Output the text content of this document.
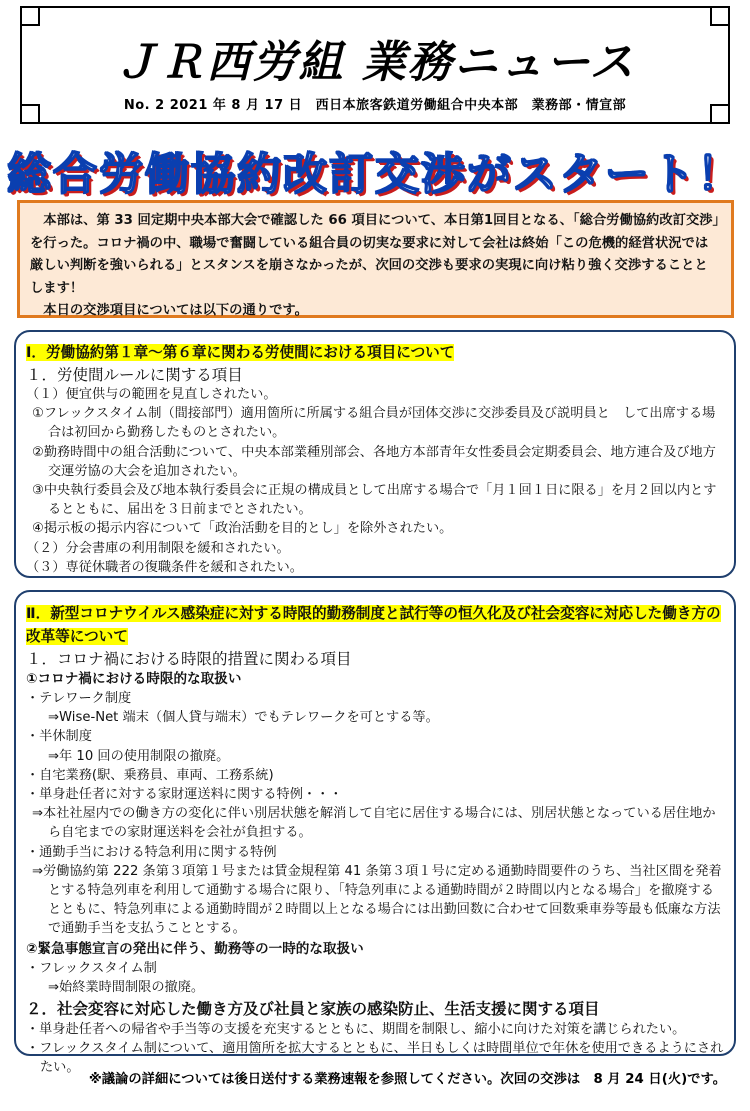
ＪＲ西労組 業務ニュース
No. 2 2021 年 8 月 17 日　西日本旅客鉄道労働組合中央本部　業務部・情宣部
総合労働協約改訂交渉がスタート！

本部は、第 33 回定期中央本部大会で確認した 66 項目について、本日第1回目となる、「総合労働協約改訂交渉」を行った。コロナ禍の中、職場で奮闘している組合員の切実な要求に対して会社は終始「この危機的経営状況では厳しい判断を強いられる」とスタンスを崩さなかったが、次回の交渉も要求の実現に向け粘り強く交渉することとします！

本日の交渉項目については以下の通りです。

Ⅰ．労働協約第１章～第６章に関わる労使間における項目について

１．労使間ルールに関する項目

（１）便宜供与の範囲を見直しされたい。

①フレックスタイム制（間接部門）適用箇所に所属する組合員が団体交渉に交渉委員及び説明員と　して出席する場合は初回から勤務したものとされたい。

②勤務時間中の組合活動について、中央本部業種別部会、各地方本部青年女性委員会定期委員会、地方連合及び地方交運労協の大会を追加されたい。

③中央執行委員会及び地本執行委員会に正規の構成員として出席する場合で「月１回１日に限る」を月２回以内とするとともに、届出を３日前までとされたい。

④掲示板の掲示内容について「政治活動を目的とし」を除外されたい。

（２）分会書庫の利用制限を緩和されたい。

（３）専従休職者の復職条件を緩和されたい。

Ⅱ．新型コロナウイルス感染症に対する時限的勤務制度と試行等の恒久化及び社会変容に対応した働き方の改革等について

１．コロナ禍における時限的措置に関わる項目

①コロナ禍における時限的な取扱い

・テレワーク制度

⇒Wise-Net 端末（個人貸与端末）でもテレワークを可とする等。

・半休制度

⇒年 10 回の使用制限の撤廃。

・自宅業務(駅、乗務員、車両、工務系統)

・単身赴任者に対する家財運送料に関する特例・・・

⇒本社社屋内での働き方の変化に伴い別居状態を解消して自宅に居住する場合には、別居状態となっている居住地から自宅までの家財運送料を会社が負担する。

・通勤手当における特急利用に関する特例

⇒労働協約第 222 条第３項第１号または賃金規程第 41 条第３項１号に定める通勤時間要件のうち、当社区間を発着とする特急列車を利用して通勤する場合に限り、「特急列車による通勤時間が２時間以内となる場合」を撤廃するとともに、特急列車による通勤時間が２時間以上となる場合には出勤回数に合わせて回数乗車券等最も低廉な方法で通勤手当を支払うこととする。

②緊急事態宣言の発出に伴う、勤務等の一時的な取扱い

・フレックスタイム制

⇒始終業時間制限の撤廃。

２．社会変容に対応した働き方及び社員と家族の感染防止、生活支援に関する項目

・単身赴任者への帰省や手当等の支援を充実するとともに、期間を制限し、縮小に向けた対策を講じられたい。

・フレックスタイム制について、適用箇所を拡大するとともに、半日もしくは時間単位で年休を使用できるようにされたい。

※議論の詳細については後日送付する業務速報を参照してください。次回の交渉は　8 月 24 日(火)です。
